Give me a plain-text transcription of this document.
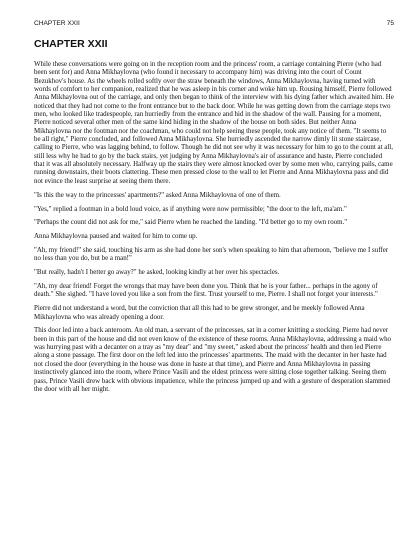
CHAPTER XXII	75
CHAPTER XXII

While these conversations were going on in the reception room and the princess' room, a carriage containing Pierre (who had been sent for) and Anna Mikhaylovna (who found it necessary to accompany him) was driving into the court of Count Bezukhov's house. As the wheels rolled softly over the straw beneath the windows, Anna Mikhaylovna, having turned with words of comfort to her companion, realized that he was asleep in his corner and woke him up. Rousing himself, Pierre followed Anna Mikhaylovna out of the carriage, and only then began to think of the interview with his dying father which awaited him. He noticed that they had not come to the front entrance but to the back door. While he was getting down from the carriage steps two men, who looked like tradespeople, ran hurriedly from the entrance and hid in the shadow of the wall. Pausing for a moment, Pierre noticed several other men of the same kind hiding in the shadow of the house on both sides. But neither Anna Mikhaylovna nor the footman nor the coachman, who could not help seeing these people, took any notice of them. "It seems to be all right," Pierre concluded, and followed Anna Mikhaylovna. She hurriedly ascended the narrow dimly lit stone staircase, calling to Pierre, who was lagging behind, to follow. Though he did not see why it was necessary for him to go to the count at all, still less why he had to go by the back stairs, yet judging by Anna Mikhaylovna's air of assurance and haste, Pierre concluded that it was all absolutely necessary. Halfway up the stairs they were almost knocked over by some men who, carrying pails, came running downstairs, their boots clattering. These men pressed close to the wall to let Pierre and Anna Mikhaylovna pass and did not evince the least surprise at seeing them there.

"Is this the way to the princesses' apartments?" asked Anna Mikhaylovna of one of them.

"Yes," replied a footman in a bold loud voice, as if anything were now permissible; "the door to the left, ma'am."

"Perhaps the count did not ask for me," said Pierre when he reached the landing. "I'd better go to my own room."

Anna Mikhaylovna paused and waited for him to come up.

"Ah, my friend!" she said, touching his arm as she had done her son's when speaking to him that afternoon, "believe me I suffer no less than you do, but be a man!"

"But really, hadn't I better go away?" he asked, looking kindly at her over his spectacles.

"Ah, my dear friend! Forget the wrongs that may have been done you. Think that he is your father... perhaps in the agony of death." She sighed. "I have loved you like a son from the first. Trust yourself to me, Pierre. I shall not forget your interests."

Pierre did not understand a word, but the conviction that all this had to be grew stronger, and he meekly followed Anna Mikhaylovna who was already opening a door.

This door led into a back anteroom. An old man, a servant of the princesses, sat in a corner knitting a stocking. Pierre had never been in this part of the house and did not even know of the existence of these rooms. Anna Mikhaylovna, addressing a maid who was hurrying past with a decanter on a tray as "my dear" and "my sweet," asked about the princess' health and then led Pierre along a stone passage. The first door on the left led into the princesses' apartments. The maid with the decanter in her haste had not closed the door (everything in the house was done in haste at that time), and Pierre and Anna Mikhaylovna in passing instinctively glanced into the room, where Prince Vasili and the eldest princess were sitting close together talking. Seeing them pass, Prince Vasili drew back with obvious impatience, while the princess jumped up and with a gesture of desperation slammed the door with all her might.
